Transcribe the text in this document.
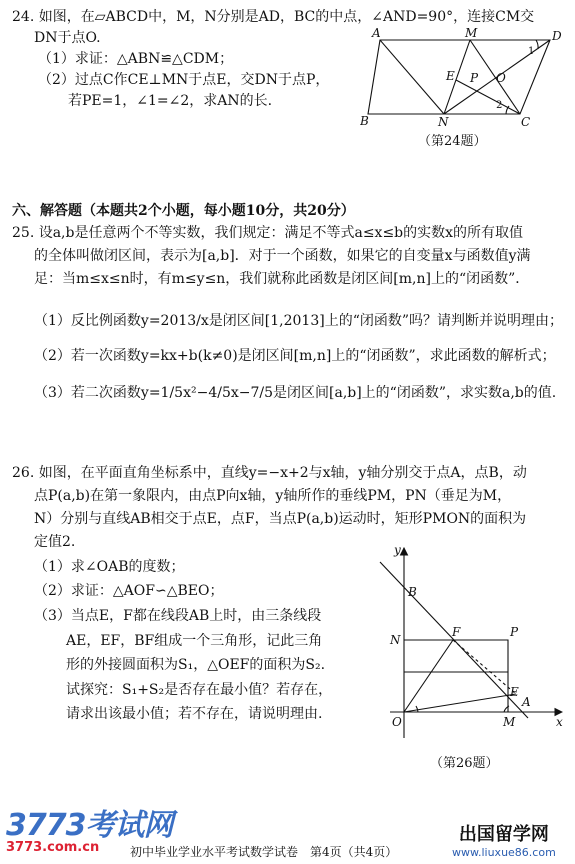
24. 如图，在▱ABCD中，M，N分别是AD，BC的中点，∠AND=90°，连接CM交
DN于点O.
（1）求证：△ABN≌△CDM；
（2）过点C作CE⊥MN于点E，交DN于点P，
若PE=1，∠1=∠2，求AN的长.
A	M	D
B	N	C
E P O
1
2
（第24题）
六、解答题（本题共2个小题，每小题10分，共20分）
25. 设a,b是任意两个不等实数，我们规定：满足不等式a≤x≤b的实数x的所有取值
的全体叫做闭区间，表示为[a,b]．对于一个函数，如果它的自变量x与函数值y满
足：当m≤x≤n时，有m≤y≤n，我们就称此函数是闭区间[m,n]上的“闭函数”．
（1）反比例函数y=2013/x是闭区间[1,2013]上的“闭函数”吗？请判断并说明理由；
（2）若一次函数y=kx+b(k≠0)是闭区间[m,n]上的“闭函数”，求此函数的解析式；
（3）若二次函数y=1/5x²−4/5x−7/5是闭区间[a,b]上的“闭函数”，求实数a,b的值.
26. 如图，在平面直角坐标系中，直线y=−x+2与x轴，y轴分别交于点A，点B，动
点P(a,b)在第一象限内，由点P向x轴，y轴所作的垂线PM，PN（垂足为M，
N）分别与直线AB相交于点E，点F，当点P(a,b)运动时，矩形PMON的面积为
定值2.
（1）求∠OAB的度数；
（2）求证：△AOF∽△BEO；
（3）当点E，F都在线段AB上时，由三条线段
AE，EF，BF组成一个三角形，记此三角
形的外接圆面积为S₁，△OEF的面积为S₂.
试探究：S₁+S₂是否存在最小值？若存在，
请求出该最小值；若不存在，请说明理由.
y
x
B
N
F	P
E
A
O	M
（第26题）
3773考试网
3773.com.cn
出国留学网
www.liuxue86.com
初中毕业学业水平考试数学试卷　第4页（共4页）
